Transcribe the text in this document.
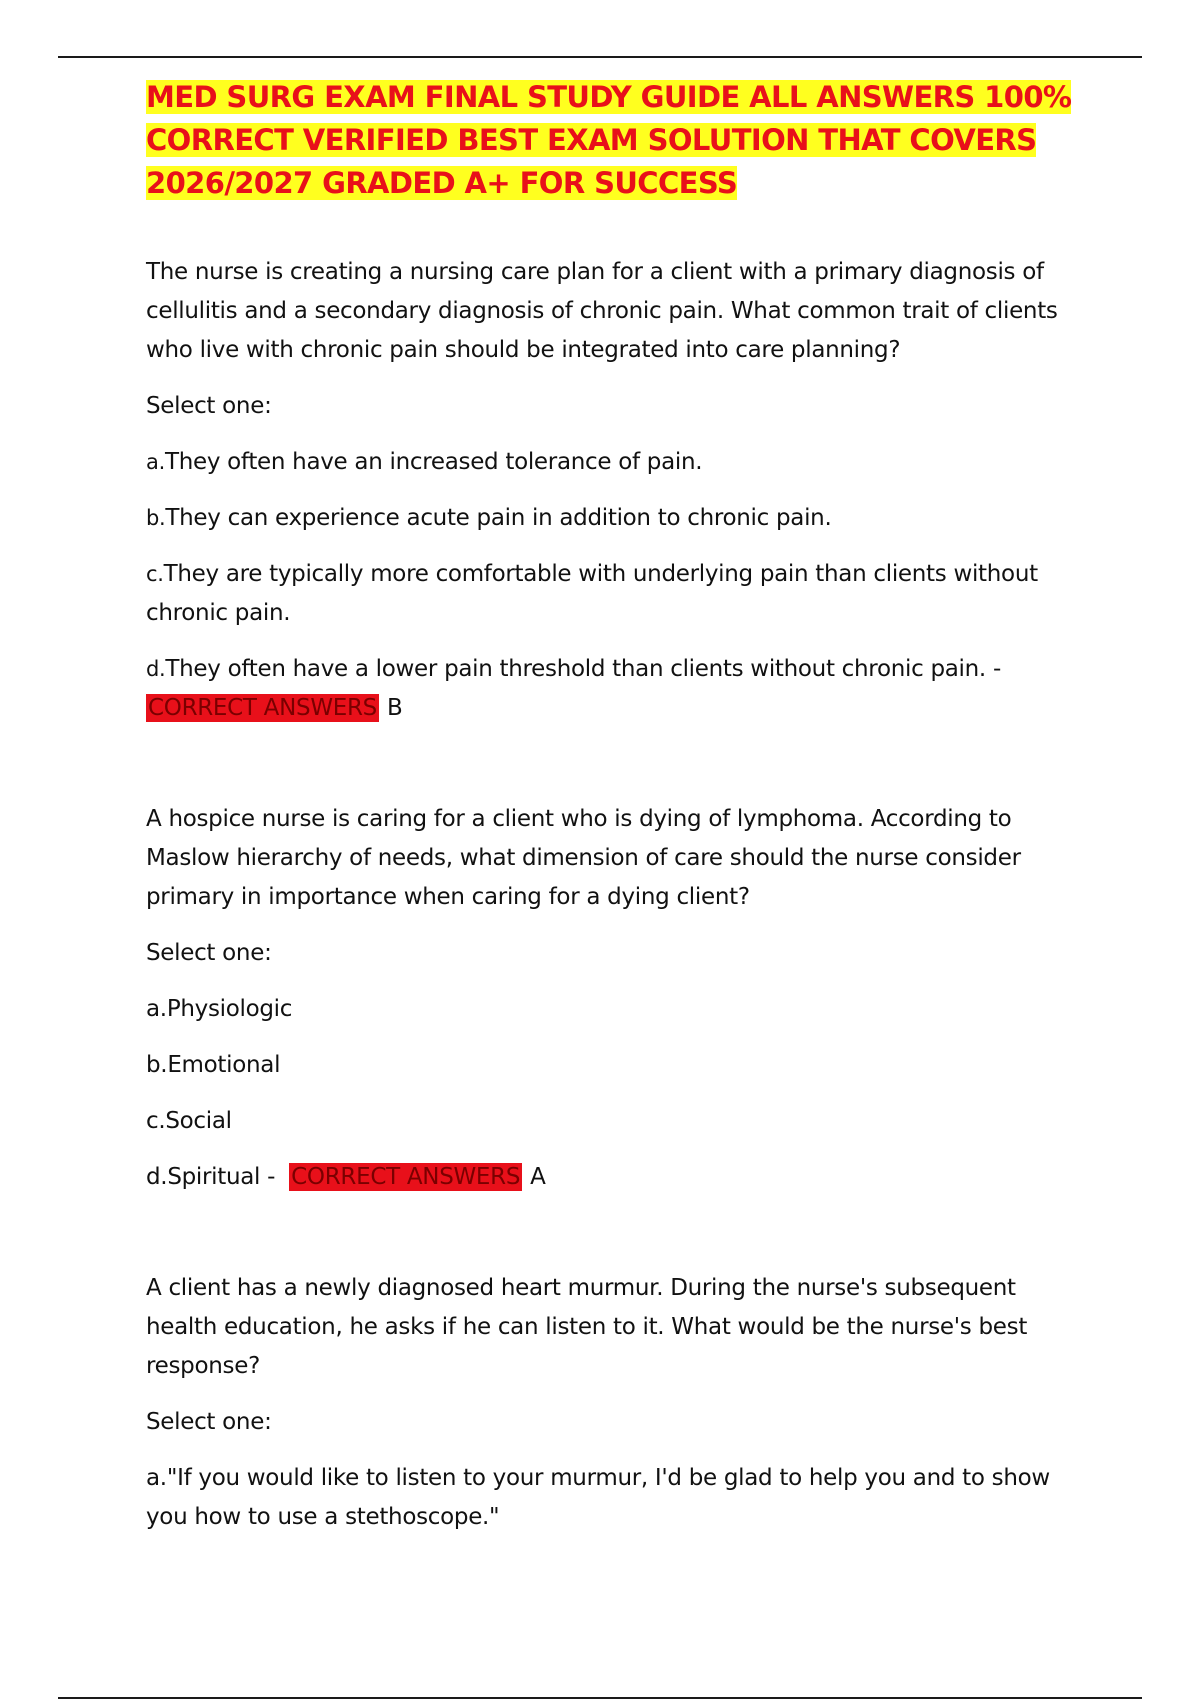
MED SURG EXAM FINAL STUDY GUIDE ALL ANSWERS 100% CORRECT VERIFIED BEST EXAM SOLUTION THAT COVERS 2026/2027 GRADED A+ FOR SUCCESS

The nurse is creating a nursing care plan for a client with a primary diagnosis of cellulitis and a secondary diagnosis of chronic pain. What common trait of clients who live with chronic pain should be integrated into care planning?

Select one:

a.They often have an increased tolerance of pain.

b.They can experience acute pain in addition to chronic pain.

c.They are typically more comfortable with underlying pain than clients without chronic pain.

d.They often have a lower pain threshold than clients without chronic pain. -
CORRECT ANSWERS B

A hospice nurse is caring for a client who is dying of lymphoma. According to Maslow hierarchy of needs, what dimension of care should the nurse consider primary in importance when caring for a dying client?

Select one:

a.Physiologic

b.Emotional

c.Social

d.Spiritual - CORRECT ANSWERS A

A client has a newly diagnosed heart murmur. During the nurse's subsequent health education, he asks if he can listen to it. What would be the nurse's best response?

Select one:

a."If you would like to listen to your murmur, I'd be glad to help you and to show you how to use a stethoscope."
